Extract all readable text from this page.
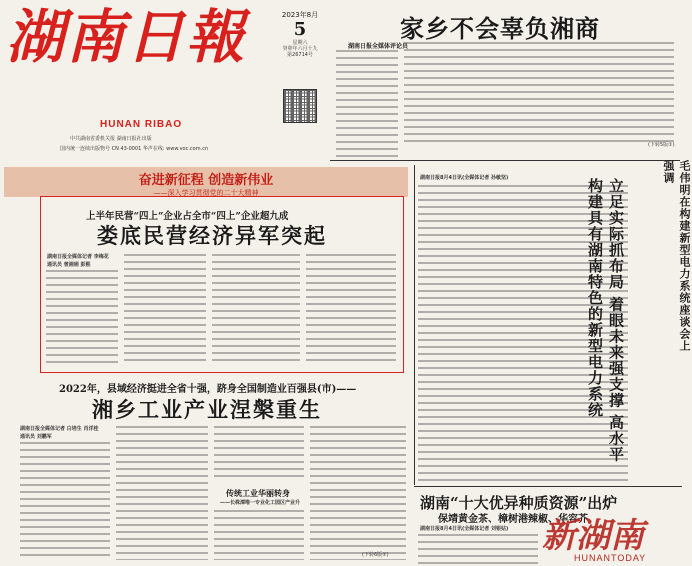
湖南日報
HUNAN RIBAO
中共湖南省委机关报 湖南日报社出版
国内统一连续出版物号 CN 43-0001 华声在线: www.voc.com.cn
2023年8月
5
星期六
癸卯年六月十九
第26714号
湖南日报全媒体评论员
家乡不会辜负湘商
(下转5版①)
奋进新征程 创造新伟业
——深入学习贯彻党的二十大精神
上半年民营“四上”企业占全市“四上”企业超九成
娄底民营经济异军突起
湖南日报全媒体记者 李梅花
通讯员 曾湘娟 彭熙
2022年，县域经济挺进全省十强，跻身全国制造业百强县(市)——
湘乡工业产业涅槃重生
湖南日报全媒体记者 白培生 肖洋桂
通讯员 刘鹏军
传统工业华丽转身
——长株潭唯一专业化工园区产业升
(下转6版②)
湖南日报8月4日讯(全媒体记者 孙敏坚)	毛伟明在构建新型电力系统座谈会上强调
立足实际抓布局 着眼未来强支撑 高水平构建具有湖南特色的新型电力系统
湖南“十大优异种质资源”出炉
保靖黄金茶、樟树港辣椒、华容芥
湖南日报8月4日讯(全媒体记者 刘银姑) 新湖南
HUNANTODAY
